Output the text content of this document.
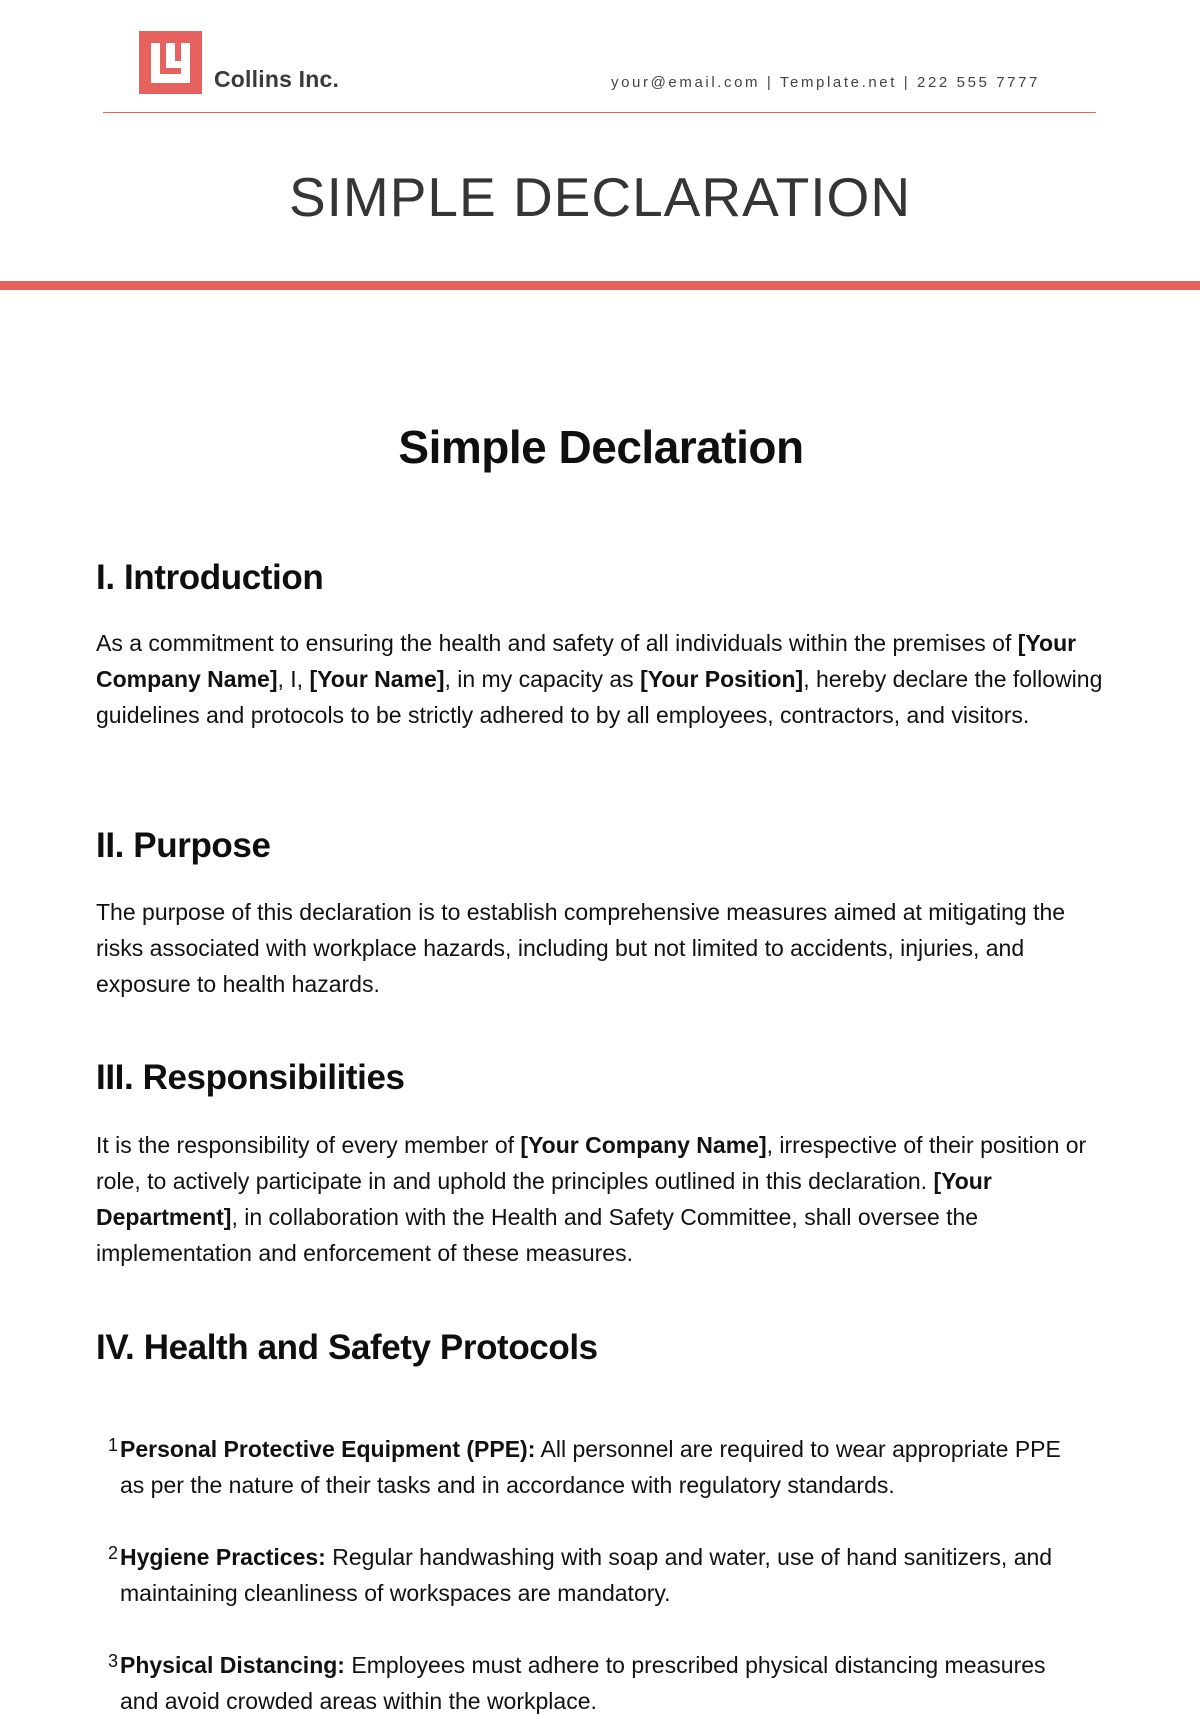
Collins Inc.	your@email.com | Template.net | 222 555 7777
SIMPLE DECLARATION
Simple Declaration
I. Introduction

As a commitment to ensuring the health and safety of all individuals within the premises of [Your Company Name], I, [Your Name], in my capacity as [Your Position], hereby declare the following guidelines and protocols to be strictly adhered to by all employees, contractors, and visitors.

II. Purpose

The purpose of this declaration is to establish comprehensive measures aimed at mitigating the risks associated with workplace hazards, including but not limited to accidents, injuries, and exposure to health hazards.

III. Responsibilities

It is the responsibility of every member of [Your Company Name], irrespective of their position or role, to actively participate in and uphold the principles outlined in this declaration. [Your Department], in collaboration with the Health and Safety Committee, shall oversee the implementation and enforcement of these measures.

IV. Health and Safety Protocols

1 Personal Protective Equipment (PPE): All personnel are required to wear appropriate PPE as per the nature of their tasks and in accordance with regulatory standards.

2 Hygiene Practices: Regular handwashing with soap and water, use of hand sanitizers, and maintaining cleanliness of workspaces are mandatory.

3 Physical Distancing: Employees must adhere to prescribed physical distancing measures and avoid crowded areas within the workplace.
